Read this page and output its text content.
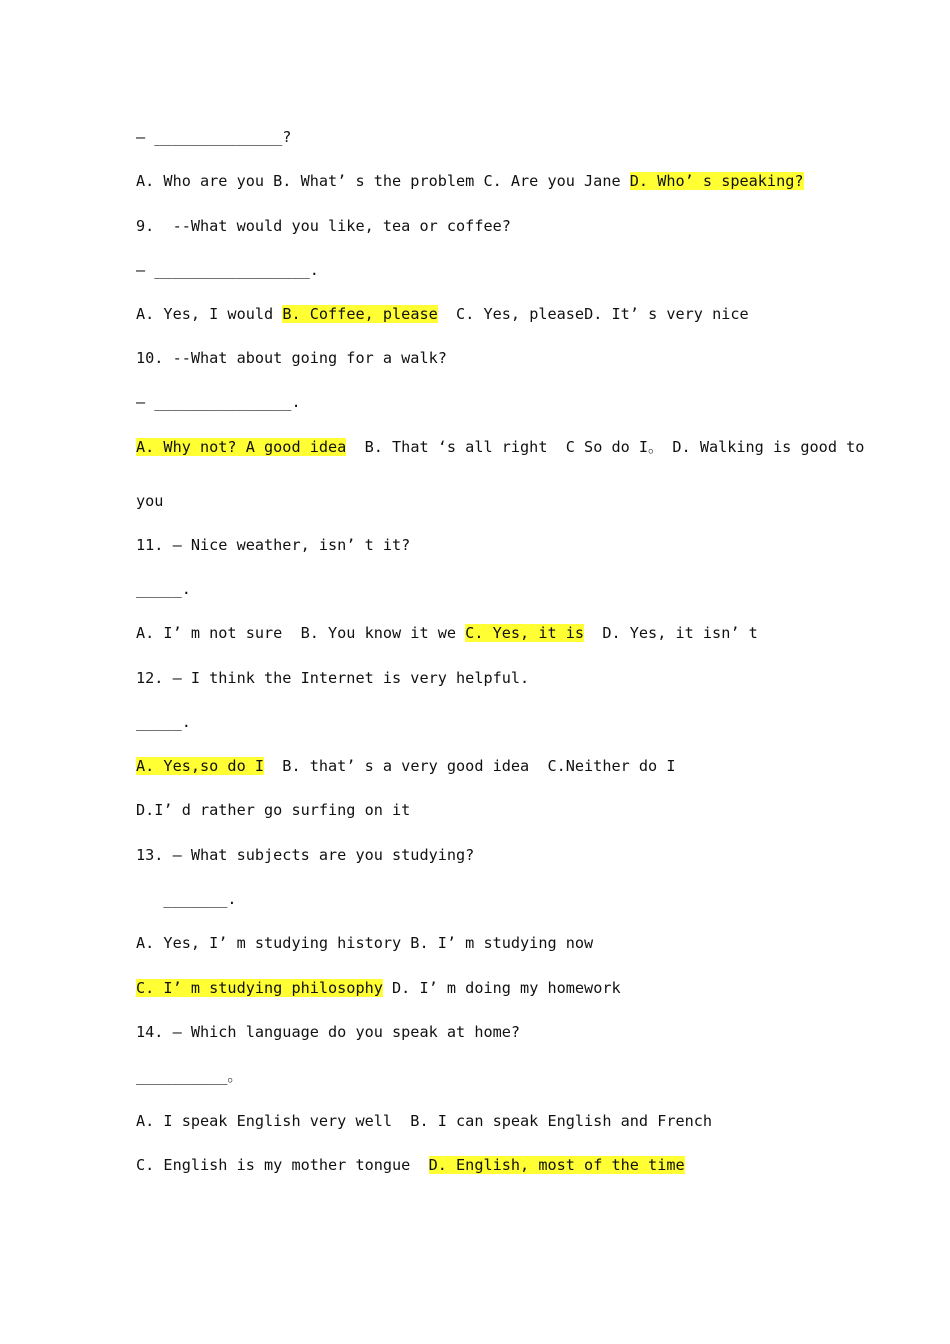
— ______________?
A. Who are you B. What’ s the problem C. Are you Jane D. Who’ s speaking?
9.  --What would you like, tea or coffee?
— _________________.
A. Yes, I would B. Coffee, please  C. Yes, pleaseD. It’ s very nice
10. --What about going for a walk?
— _______________.
A. Why not? A good idea  B. That ‘s all right  C So do I。 D. Walking is good to
you
11. — Nice weather, isn’ t it?
_____.
A. I’ m not sure  B. You know it we C. Yes, it is  D. Yes, it isn’ t
12. — I think the Internet is very helpful.
_____.
A. Yes,so do I  B. that’ s a very good idea  C.Neither do I
D.I’ d rather go surfing on it
13. — What subjects are you studying?
_______.
A. Yes, I’ m studying history B. I’ m studying now
C. I’ m studying philosophy D. I’ m doing my homework
14. — Which language do you speak at home?
__________。
A. I speak English very well  B. I can speak English and French
C. English is my mother tongue  D. English, most of the time
